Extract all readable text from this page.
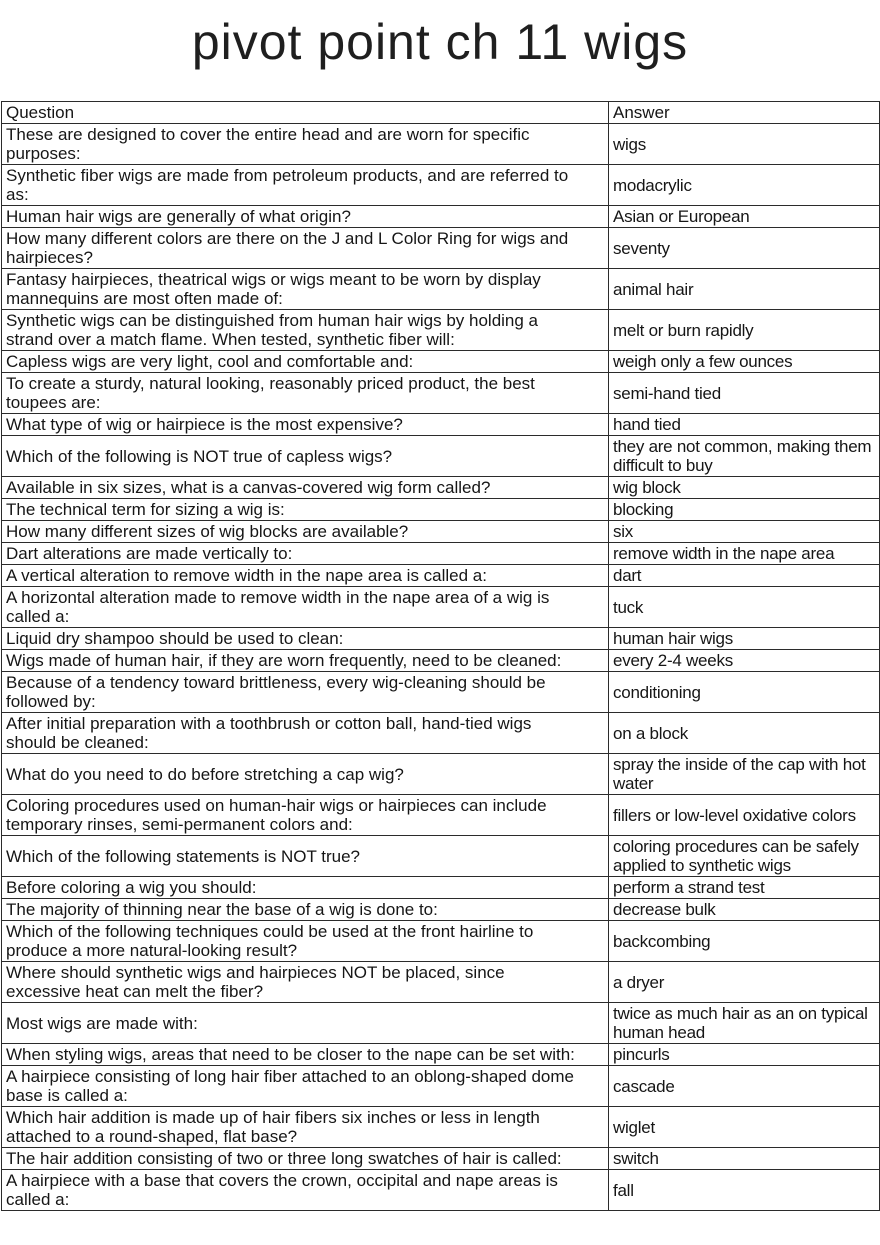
pivot point ch 11 wigs
Question	Answer
These are designed to cover the entire head and are worn for specific purposes:	wigs
Synthetic fiber wigs are made from petroleum products, and are referred to as:	modacrylic
Human hair wigs are generally of what origin?	Asian or European
How many different colors are there on the J and L Color Ring for wigs and hairpieces?	seventy
Fantasy hairpieces, theatrical wigs or wigs meant to be worn by display mannequins are most often made of:	animal hair
Synthetic wigs can be distinguished from human hair wigs by holding a strand over a match flame. When tested, synthetic fiber will:	melt or burn rapidly
Capless wigs are very light, cool and comfortable and:	weigh only a few ounces
To create a sturdy, natural looking, reasonably priced product, the best toupees are:	semi-hand tied
What type of wig or hairpiece is the most expensive?	hand tied
Which of the following is NOT true of capless wigs?	they are not common, making them difficult to buy
Available in six sizes, what is a canvas-covered wig form called?	wig block
The technical term for sizing a wig is:	blocking
How many different sizes of wig blocks are available?	six
Dart alterations are made vertically to:	remove width in the nape area
A vertical alteration to remove width in the nape area is called a:	dart
A horizontal alteration made to remove width in the nape area of a wig is called a:	tuck
Liquid dry shampoo should be used to clean:	human hair wigs
Wigs made of human hair, if they are worn frequently, need to be cleaned:	every 2-4 weeks
Because of a tendency toward brittleness, every wig-cleaning should be followed by:	conditioning
After initial preparation with a toothbrush or cotton ball, hand-tied wigs should be cleaned:	on a block
What do you need to do before stretching a cap wig?	spray the inside of the cap with hot water
Coloring procedures used on human-hair wigs or hairpieces can include temporary rinses, semi-permanent colors and:	fillers or low-level oxidative colors
Which of the following statements is NOT true?	coloring procedures can be safely applied to synthetic wigs
Before coloring a wig you should:	perform a strand test
The majority of thinning near the base of a wig is done to:	decrease bulk
Which of the following techniques could be used at the front hairline to produce a more natural-looking result?	backcombing
Where should synthetic wigs and hairpieces NOT be placed, since excessive heat can melt the fiber?	a dryer
Most wigs are made with:	twice as much hair as an on typical human head
When styling wigs, areas that need to be closer to the nape can be set with:	pincurls
A hairpiece consisting of long hair fiber attached to an oblong-shaped dome base is called a:	cascade
Which hair addition is made up of hair fibers six inches or less in length attached to a round-shaped, flat base?	wiglet
The hair addition consisting of two or three long swatches of hair is called:	switch
A hairpiece with a base that covers the crown, occipital and nape areas is called a:	fall
